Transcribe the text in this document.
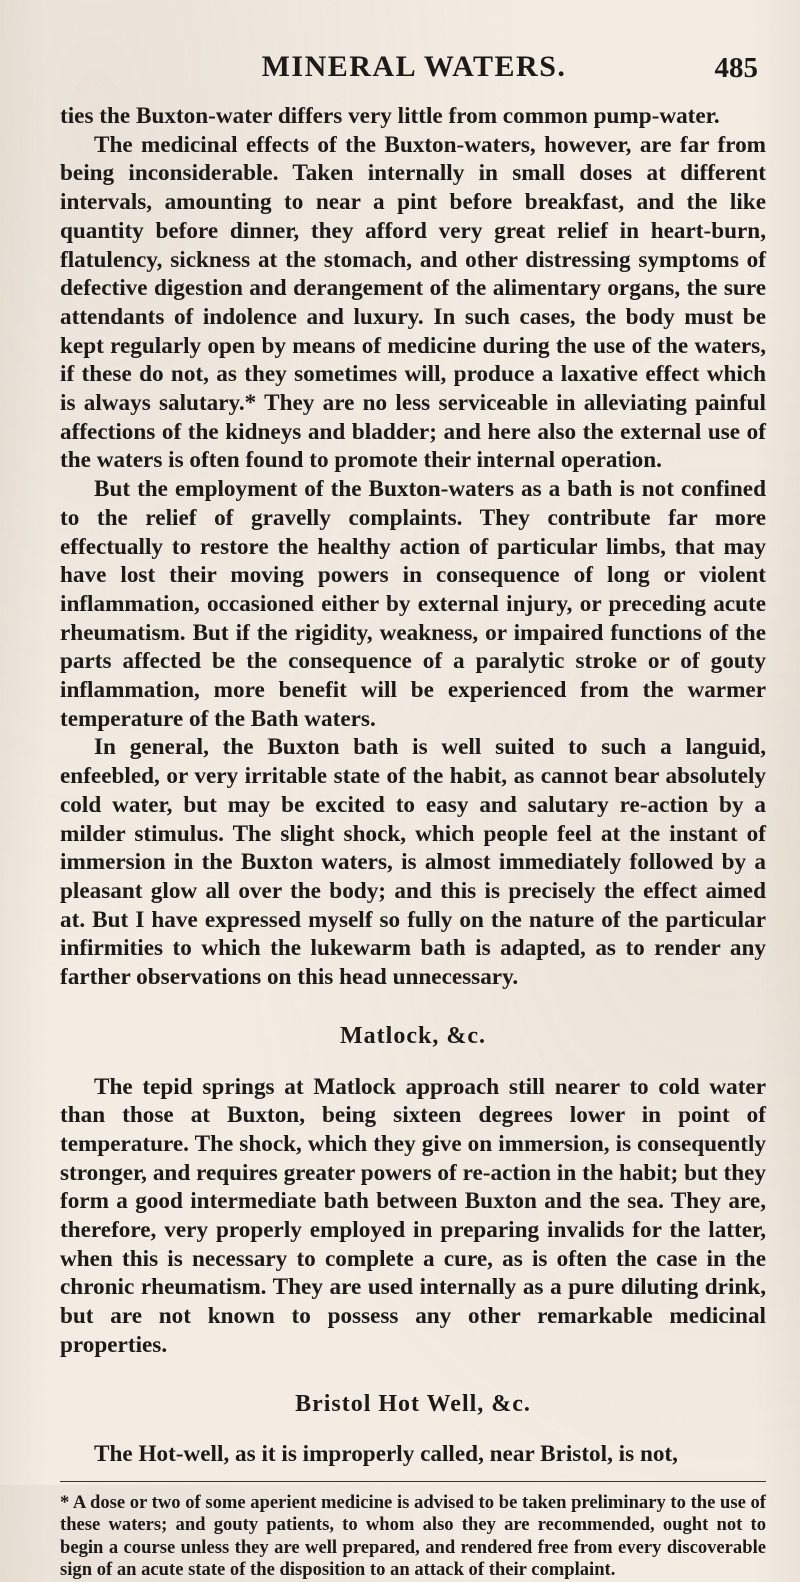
MINERAL WATERS.	485

ties the Buxton-water differs very little from common pump-water.

The medicinal effects of the Buxton-waters, however, are far from being inconsiderable. Taken internally in small doses at different intervals, amounting to near a pint before breakfast, and the like quantity before dinner, they afford very great relief in heart-burn, flatulency, sickness at the stomach, and other distressing symptoms of defective digestion and derangement of the alimentary organs, the sure attendants of indolence and luxury. In such cases, the body must be kept regularly open by means of medicine during the use of the waters, if these do not, as they sometimes will, produce a laxative effect which is always salutary.* They are no less serviceable in alleviating painful affections of the kidneys and bladder; and here also the external use of the waters is often found to promote their internal operation.

But the employment of the Buxton-waters as a bath is not confined to the relief of gravelly complaints. They contribute far more effectually to restore the healthy action of particular limbs, that may have lost their moving powers in consequence of long or violent inflammation, occasioned either by external injury, or preceding acute rheumatism. But if the rigidity, weakness, or impaired functions of the parts affected be the consequence of a paralytic stroke or of gouty inflammation, more benefit will be experienced from the warmer temperature of the Bath waters.

In general, the Buxton bath is well suited to such a languid, enfeebled, or very irritable state of the habit, as cannot bear absolutely cold water, but may be excited to easy and salutary re-action by a milder stimulus. The slight shock, which people feel at the instant of immersion in the Buxton waters, is almost immediately followed by a pleasant glow all over the body; and this is precisely the effect aimed at. But I have expressed myself so fully on the nature of the particular infirmities to which the lukewarm bath is adapted, as to render any farther observations on this head unnecessary.

Matlock, &c.

The tepid springs at Matlock approach still nearer to cold water than those at Buxton, being sixteen degrees lower in point of temperature. The shock, which they give on immersion, is consequently stronger, and requires greater powers of re-action in the habit; but they form a good intermediate bath between Buxton and the sea. They are, therefore, very properly employed in preparing invalids for the latter, when this is necessary to complete a cure, as is often the case in the chronic rheumatism. They are used internally as a pure diluting drink, but are not known to possess any other remarkable medicinal properties.

Bristol Hot Well, &c.

The Hot-well, as it is improperly called, near Bristol, is not,

* A dose or two of some aperient medicine is advised to be taken preliminary to the use of these waters; and gouty patients, to whom also they are recommended, ought not to begin a course unless they are well prepared, and rendered free from every discoverable sign of an acute state of the disposition to an attack of their complaint.
